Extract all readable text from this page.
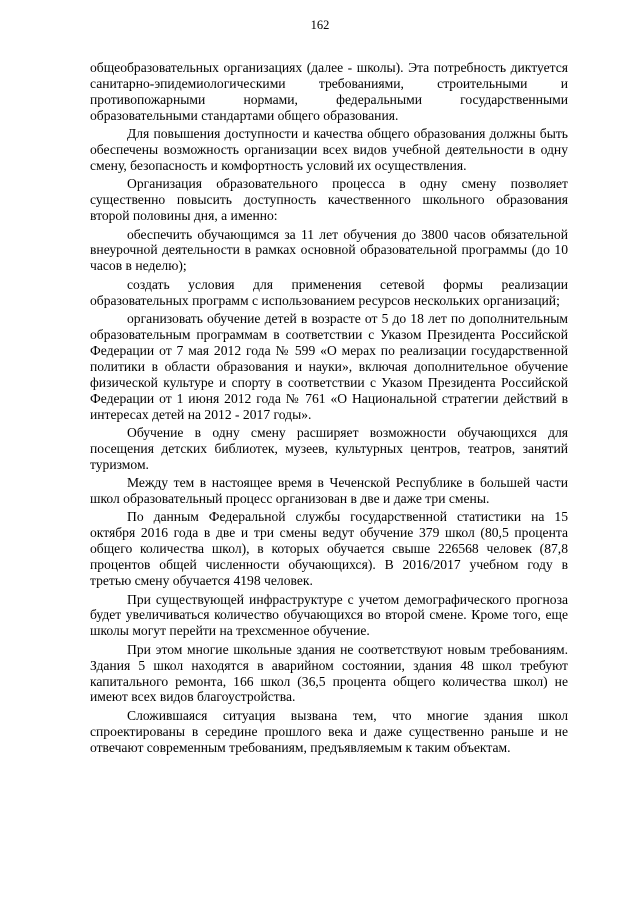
162

общеобразовательных организациях (далее - школы). Эта потребность диктуется санитарно-эпидемиологическими требованиями, строительными и противопожарными нормами, федеральными государственными образовательными стандартами общего образования.

Для повышения доступности и качества общего образования должны быть обеспечены возможность организации всех видов учебной деятельности в одну смену, безопасность и комфортность условий их осуществления.

Организация образовательного процесса в одну смену позволяет существенно повысить доступность качественного школьного образования второй половины дня, а именно:

обеспечить обучающимся за 11 лет обучения до 3800 часов обязательной внеурочной деятельности в рамках основной образовательной программы (до 10 часов в неделю);

создать условия для применения сетевой формы реализации образовательных программ с использованием ресурсов нескольких организаций;

организовать обучение детей в возрасте от 5 до 18 лет по дополнительным образовательным программам в соответствии с Указом Президента Российской Федерации от 7 мая 2012 года № 599 «О мерах по реализации государственной политики в области образования и науки», включая дополнительное обучение физической культуре и спорту в соответствии с Указом Президента Российской Федерации от 1 июня 2012 года № 761 «О Национальной стратегии действий в интересах детей на 2012 - 2017 годы».

Обучение в одну смену расширяет возможности обучающихся для посещения детских библиотек, музеев, культурных центров, театров, занятий туризмом.

Между тем в настоящее время в Чеченской Республике в большей части школ образовательный процесс организован в две и даже три смены.

По данным Федеральной службы государственной статистики на 15 октября 2016 года в две и три смены ведут обучение 379 школ (80,5 процента общего количества школ), в которых обучается свыше 226568 человек (87,8 процентов общей численности обучающихся). В 2016/2017 учебном году в третью смену обучается 4198 человек.

При существующей инфраструктуре с учетом демографического прогноза будет увеличиваться количество обучающихся во второй смене. Кроме того, еще школы могут перейти на трехсменное обучение.

При этом многие школьные здания не соответствуют новым требованиям. Здания 5 школ находятся в аварийном состоянии, здания 48 школ требуют капитального ремонта, 166 школ (36,5 процента общего количества школ) не имеют всех видов благоустройства.

Сложившаяся ситуация вызвана тем, что многие здания школ спроектированы в середине прошлого века и даже существенно раньше и не отвечают современным требованиям, предъявляемым к таким объектам.
